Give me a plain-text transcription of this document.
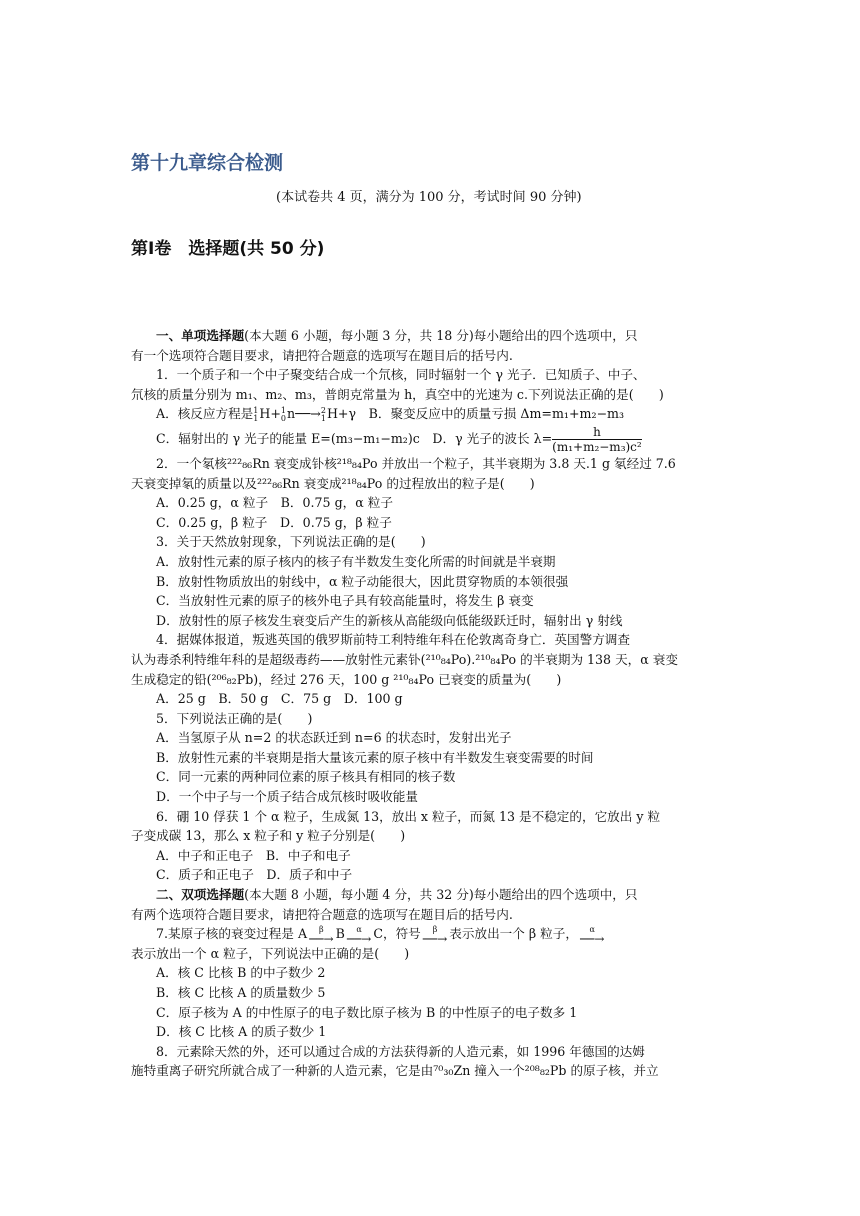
第十九章综合检测
(本试卷共 4 页，满分为 100 分，考试时间 90 分钟)
第Ⅰ卷　选择题(共 50 分)
一、单项选择题(本大题 6 小题，每小题 3 分，共 18 分)每小题给出的四个选项中，只
有一个选项符合题目要求，请把符合题意的选项写在题目后的括号内.
1．一个质子和一个中子聚变结合成一个氘核，同时辐射一个 γ 光子．已知质子、中子、
氘核的质量分别为 m₁、m₂、m₃，普朗克常量为 h，真空中的光速为 c.下列说法正确的是(　　)
A．核反应方程是 1
1 H+ 1
0 n──→ 2
1 H+γ　B．聚变反应中的质量亏损 Δm=m₁+m₂−m₃
C．辐射出的 γ 光子的能量 E=(m₃−m₁−m₂)c　D．γ 光子的波长 $\lambda= \frac{h}{\text{(m₁+m₂−m₃)c²}}$
2．一个氡核²²²₈₆Rn 衰变成钋核²¹⁸₈₄Po 并放出一个粒子，其半衰期为 3.8 天.1 g 氡经过 7.6
天衰变掉氡的质量以及²²²₈₆Rn 衰变成²¹⁸₈₄Po 的过程放出的粒子是(　　)
A．0.25 g，α 粒子　B．0.75 g，α 粒子
C．0.25 g，β 粒子　D．0.75 g，β 粒子
3．关于天然放射现象，下列说法正确的是(　　)
A．放射性元素的原子核内的核子有半数发生变化所需的时间就是半衰期
B．放射性物质放出的射线中，α 粒子动能很大，因此贯穿物质的本领很强
C．当放射性元素的原子的核外电子具有较高能量时，将发生 β 衰变
D．放射性的原子核发生衰变后产生的新核从高能级向低能级跃迁时，辐射出 γ 射线
4．据媒体报道，叛逃英国的俄罗斯前特工利特维年科在伦敦离奇身亡．英国警方调查
认为毒杀利特维年科的是超级毒药——放射性元素钋(²¹⁰₈₄Po).²¹⁰₈₄Po 的半衰期为 138 天，α 衰变
生成稳定的铅(²⁰⁶₈₂Pb)，经过 276 天，100 g ²¹⁰₈₄Po 已衰变的质量为(　　)
A．25 g　B．50 g　C．75 g　D．100 g
5．下列说法正确的是(　　)
A．当氢原子从 n=2 的状态跃迁到 n=6 的状态时，发射出光子
B．放射性元素的半衰期是指大量该元素的原子核中有半数发生衰变需要的时间
C．同一元素的两种同位素的原子核具有相同的核子数
D．一个中子与一个质子结合成氘核时吸收能量
6．硼 10 俘获 1 个 α 粒子，生成氮 13，放出 x 粒子，而氮 13 是不稳定的，它放出 y 粒
子变成碳 13，那么 x 粒子和 y 粒子分别是(　　)
A．中子和正电子　B．中子和电子
C．质子和正电子　D．质子和中子
二、双项选择题(本大题 8 小题，每小题 4 分，共 32 分)每小题给出的四个选项中，只
有两个选项符合题目要求，请把符合题意的选项写在题目后的括号内.
7.某原子核的衰变过程是 A β
──→ B α
──→ C，符号 β
──→ 表示放出一个 β 粒子， α
──→
表示放出一个 α 粒子，下列说法中正确的是(　　)
A．核 C 比核 B 的中子数少 2
B．核 C 比核 A 的质量数少 5
C．原子核为 A 的中性原子的电子数比原子核为 B 的中性原子的电子数多 1
D．核 C 比核 A 的质子数少 1
8．元素除天然的外，还可以通过合成的方法获得新的人造元素，如 1996 年德国的达姆
施特重离子研究所就合成了一种新的人造元素，它是由⁷⁰₃₀Zn 撞入一个²⁰⁸₈₂Pb 的原子核，并立
